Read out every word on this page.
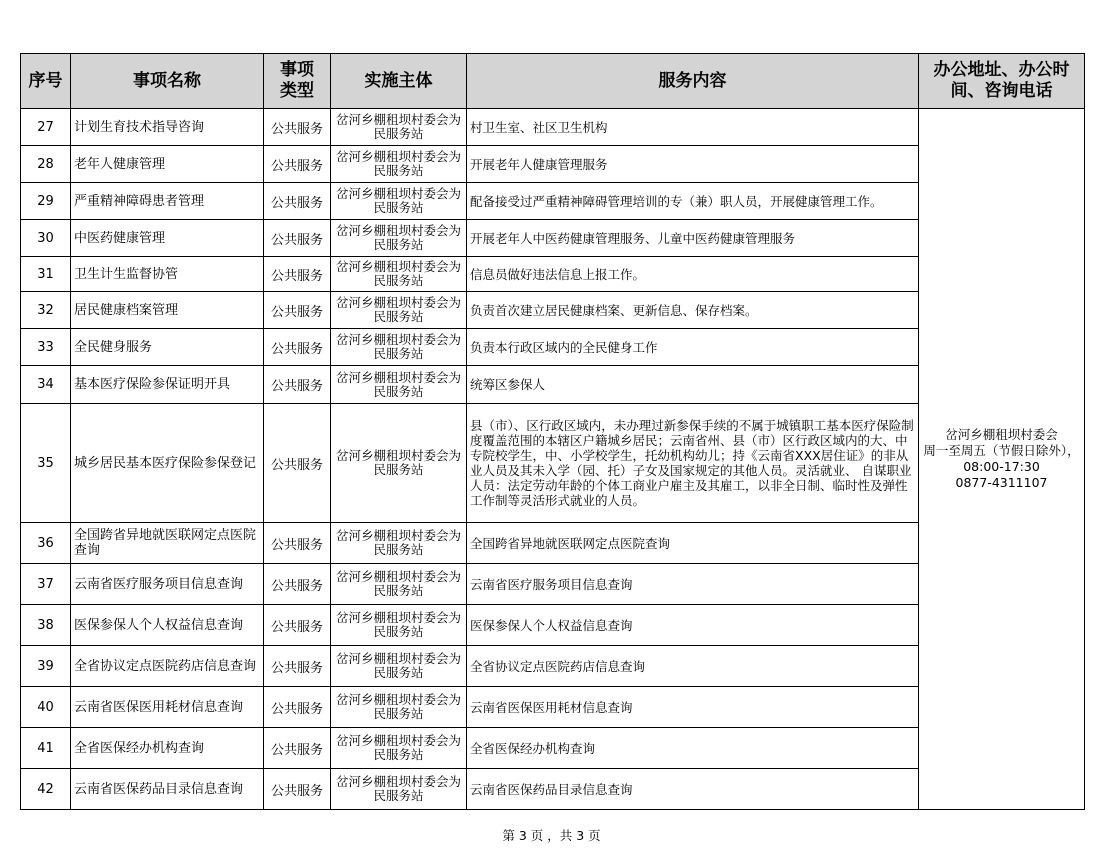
序号	事项名称	事项类型	实施主体	服务内容	办公地址、办公时间、咨询电话
27	计划生育技术指导咨询	公共服务	岔河乡棚租坝村委会为民服务站	村卫生室、社区卫生机构	岔河乡棚租坝村委会
周一至周五（节假日除外），08:00-17:30
0877-4311107

28	老年人健康管理	公共服务	岔河乡棚租坝村委会为民服务站	开展老年人健康管理服务	
29	严重精神障碍患者管理	公共服务	岔河乡棚租坝村委会为民服务站	配备接受过严重精神障碍管理培训的专（兼）职人员，开展健康管理工作。	
30	中医药健康管理	公共服务	岔河乡棚租坝村委会为民服务站	开展老年人中医药健康管理服务、儿童中医药健康管理服务	
31	卫生计生监督协管	公共服务	岔河乡棚租坝村委会为民服务站	信息员做好违法信息上报工作。	
32	居民健康档案管理	公共服务	岔河乡棚租坝村委会为民服务站	负责首次建立居民健康档案、更新信息、保存档案。	
33	全民健身服务	公共服务	岔河乡棚租坝村委会为民服务站	负责本行政区域内的全民健身工作	
34	基本医疗保险参保证明开具	公共服务	岔河乡棚租坝村委会为民服务站	统筹区参保人	
35	城乡居民基本医疗保险参保登记	公共服务	岔河乡棚租坝村委会为民服务站	县（市）、区行政区域内，未办理过新参保手续的不属于城镇职工基本医疗保险制度覆盖范围的本辖区户籍城乡居民；云南省州、县（市）区行政区域内的大、中专院校学生，中、小学校学生，托幼机构幼儿；持《云南省XXX居住证》的非从业人员及其未入学（园、托）子女及国家规定的其他人员。灵活就业、 自谋职业人员：法定劳动年龄的个体工商业户雇主及其雇工，以非全日制、临时性及弹性工作制等灵活形式就业的人员。	
36	全国跨省异地就医联网定点医院查询	公共服务	岔河乡棚租坝村委会为民服务站	全国跨省异地就医联网定点医院查询	
37	云南省医疗服务项目信息查询	公共服务	岔河乡棚租坝村委会为民服务站	云南省医疗服务项目信息查询	
38	医保参保人个人权益信息查询	公共服务	岔河乡棚租坝村委会为民服务站	医保参保人个人权益信息查询	
39	全省协议定点医院药店信息查询	公共服务	岔河乡棚租坝村委会为民服务站	全省协议定点医院药店信息查询	
40	云南省医保医用耗材信息查询	公共服务	岔河乡棚租坝村委会为民服务站	云南省医保医用耗材信息查询	
41	全省医保经办机构查询	公共服务	岔河乡棚租坝村委会为民服务站	全省医保经办机构查询	
42	云南省医保药品目录信息查询	公共服务	岔河乡棚租坝村委会为民服务站	云南省医保药品目录信息查询	
第 3 页 ，共 3 页
